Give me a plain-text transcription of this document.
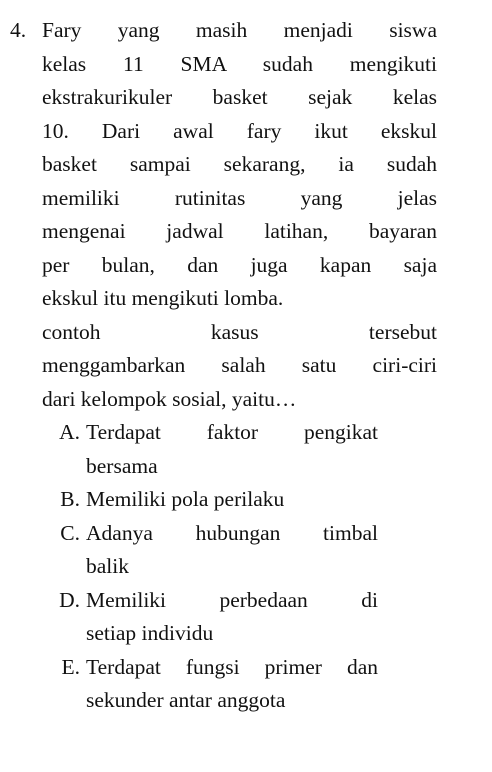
4. Fary yang masih menjadi siswa
kelas 11 SMA sudah mengikuti
ekstrakurikuler basket sejak kelas
10. Dari awal fary ikut ekskul
basket sampai sekarang, ia sudah
memiliki rutinitas yang jelas
mengenai jadwal latihan, bayaran
per bulan, dan juga kapan saja
ekskul itu mengikuti lomba.
contoh kasus tersebut
menggambarkan salah satu ciri-ciri
dari kelompok sosial, yaitu…
A. Terdapat faktor pengikat
bersama
B. Memiliki pola perilaku
C. Adanya hubungan timbal
balik
D. Memiliki perbedaan di
setiap individu
E. Terdapat fungsi primer dan
sekunder antar anggota
